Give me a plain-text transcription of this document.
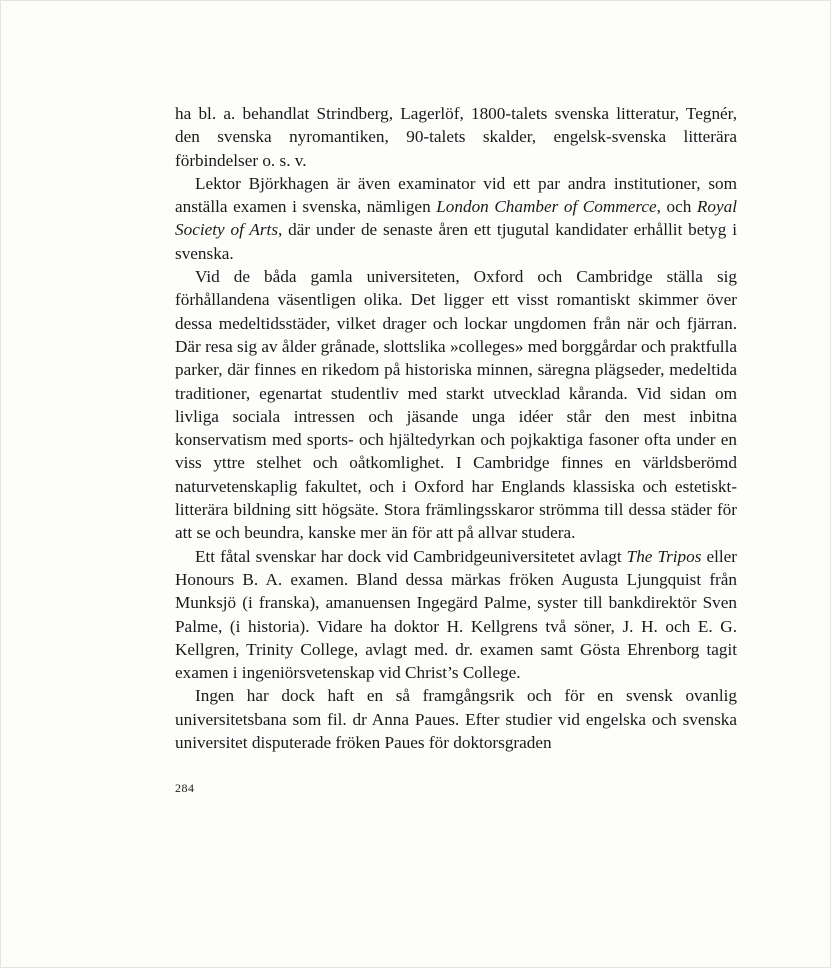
ha bl. a. behandlat Strindberg, Lagerlöf, 1800-talets svenska litteratur, Tegnér, den svenska nyromantiken, 90-talets skalder, engelsk-svenska litterära förbindelser o. s. v.

Lektor Björkhagen är även examinator vid ett par andra institutioner, som anställa examen i svenska, nämligen London Chamber of Commerce, och Royal Society of Arts, där under de senaste åren ett tjugutal kandidater erhållit betyg i svenska.

Vid de båda gamla universiteten, Oxford och Cambridge ställa sig förhållandena väsentligen olika. Det ligger ett visst romantiskt skimmer över dessa medeltidsstäder, vilket drager och lockar ungdomen från när och fjärran. Där resa sig av ålder grånade, slottslika »colleges» med borggårdar och praktfulla parker, där finnes en rikedom på historiska minnen, säregna plägseder, medeltida traditioner, egenartat studentliv med starkt utvecklad kåranda. Vid sidan om livliga sociala intressen och jäsande unga idéer står den mest inbitna konservatism med sports- och hjältedyrkan och pojkaktiga fasoner ofta under en viss yttre stelhet och oåtkomlighet. I Cambridge finnes en världsberömd naturvetenskaplig fakultet, och i Oxford har Englands klassiska och estetiskt-litterära bildning sitt högsäte. Stora främlingsskaror strömma till dessa städer för att se och beundra, kanske mer än för att på allvar studera.

Ett fåtal svenskar har dock vid Cambridgeuniversitetet avlagt The Tripos eller Honours B. A. examen. Bland dessa märkas fröken Augusta Ljungquist från Munksjö (i franska), amanuensen Ingegärd Palme, syster till bankdirektör Sven Palme, (i historia). Vidare ha doktor H. Kellgrens två söner, J. H. och E. G. Kellgren, Trinity College, avlagt med. dr. examen samt Gösta Ehrenborg tagit examen i ingeniörsvetenskap vid Christ’s College.

Ingen har dock haft en så framgångsrik och för en svensk ovanlig universitetsbana som fil. dr Anna Paues. Efter studier vid engelska och svenska universitet disputerade fröken Paues för doktorsgraden

284
